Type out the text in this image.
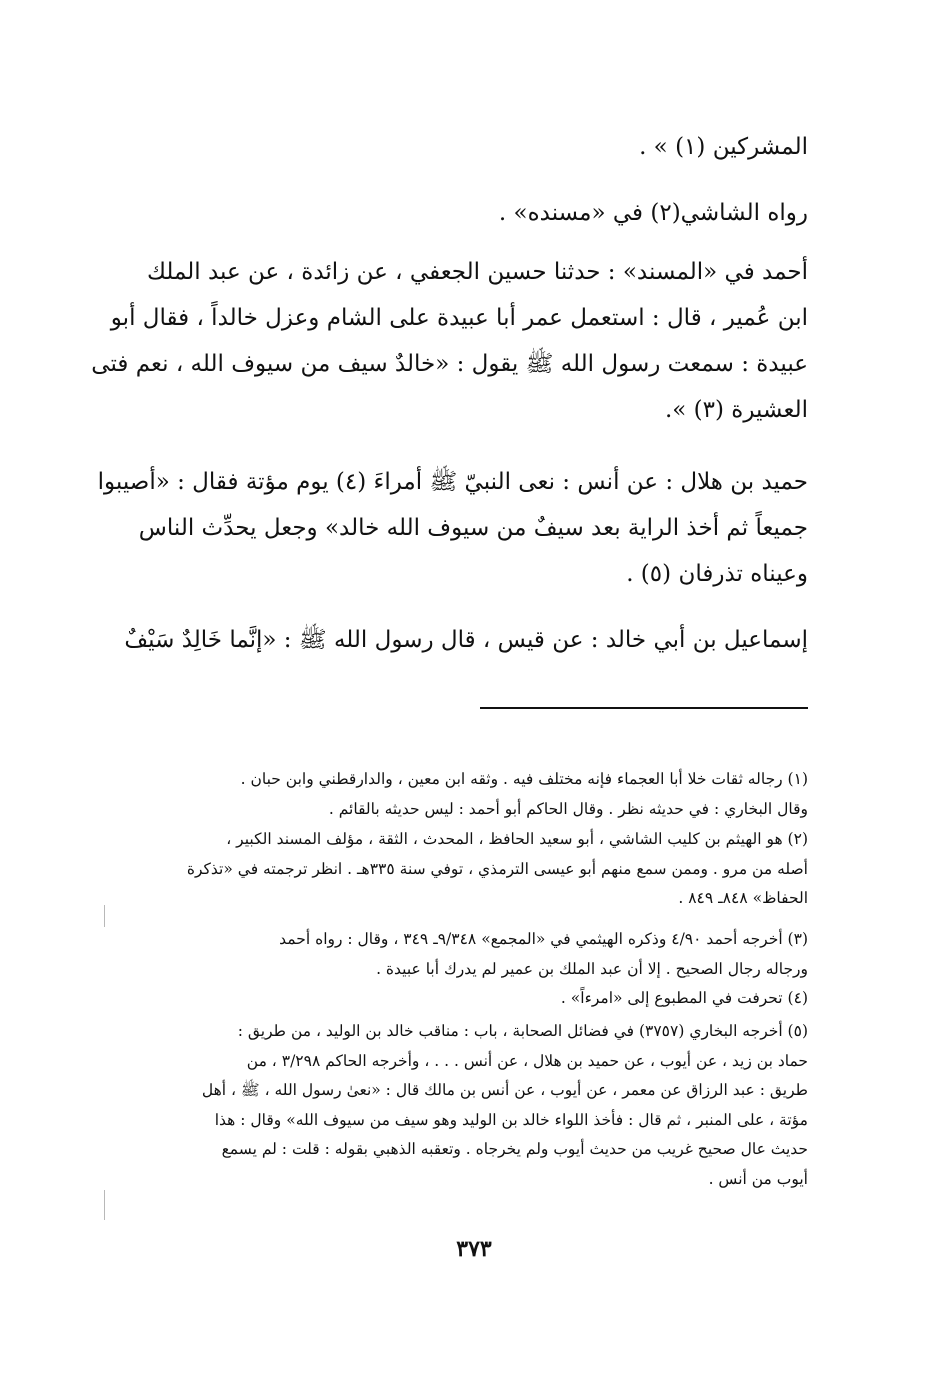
المشركين (١) » .
رواه الشاشي(٢) في «مسنده» .
أحمد في «المسند» : حدثنا حسين الجعفي ، عن زائدة ، عن عبد الملك
ابن عُمير ، قال : استعمل عمر أبا عبيدة على الشام وعزل خالداً ، فقال أبو
عبيدة : سمعت رسول الله ﷺ يقول : «خالدٌ سيف من سيوف الله ، نعم فتى
العشيرة (٣) ».
حميد بن هلال : عن أنس : نعى النبيّ ﷺ أمراءَ (٤) يوم مؤتة فقال : «أصيبوا
جميعاً ثم أخذ الراية بعد سيفٌ من سيوف الله خالد» وجعل يحدِّث الناس
وعيناه تذرفان (٥) .
إسماعيل بن أبي خالد : عن قيس ، قال رسول الله ﷺ : «إنَّما خَالِدٌ سَيْفٌ
(١) رجاله ثقات خلا أبا العجماء فإنه مختلف فيه . وثقه ابن معين ، والدارقطني وابن حبان .
وقال البخاري : في حديثه نظر . وقال الحاكم أبو أحمد : ليس حديثه بالقائم .
(٢) هو الهيثم بن كليب الشاشي ، أبو سعيد الحافظ ، المحدث ، الثقة ، مؤلف المسند الكبير ،
أصله من مرو . وممن سمع منهم أبو عيسى الترمذي ، توفي سنة ٣٣٥هـ . انظر ترجمته في «تذكرة
الحفاظ» ٨٤٨ـ ٨٤٩ .
(٣) أخرجه أحمد ٤/٩٠ وذكره الهيثمي في «المجمع» ٩/٣٤٨ـ ٣٤٩ ، وقال : رواه أحمد
ورجاله رجال الصحيح . إلا أن عبد الملك بن عمير لم يدرك أبا عبيدة .
(٤) تحرفت في المطبوع إلى «امرءاً» .
(٥) أخرجه البخاري (٣٧٥٧) في فضائل الصحابة ، باب : مناقب خالد بن الوليد ، من طريق :
حماد بن زيد ، عن أيوب ، عن حميد بن هلال ، عن أنس . . . ، وأخرجه الحاكم ٣/٢٩٨ ، من
طريق : عبد الرزاق عن معمر ، عن أيوب ، عن أنس بن مالك قال : «نعىٰ رسول الله ، ﷺ ، أهل
مؤتة ، على المنبر ، ثم قال : فأخذ اللواء خالد بن الوليد وهو سيف من سيوف الله» وقال : هذا
حديث عال صحيح غريب من حديث أيوب ولم يخرجاه . وتعقبه الذهبي بقوله : قلت : لم يسمع
أيوب من أنس .
٣٧٣
